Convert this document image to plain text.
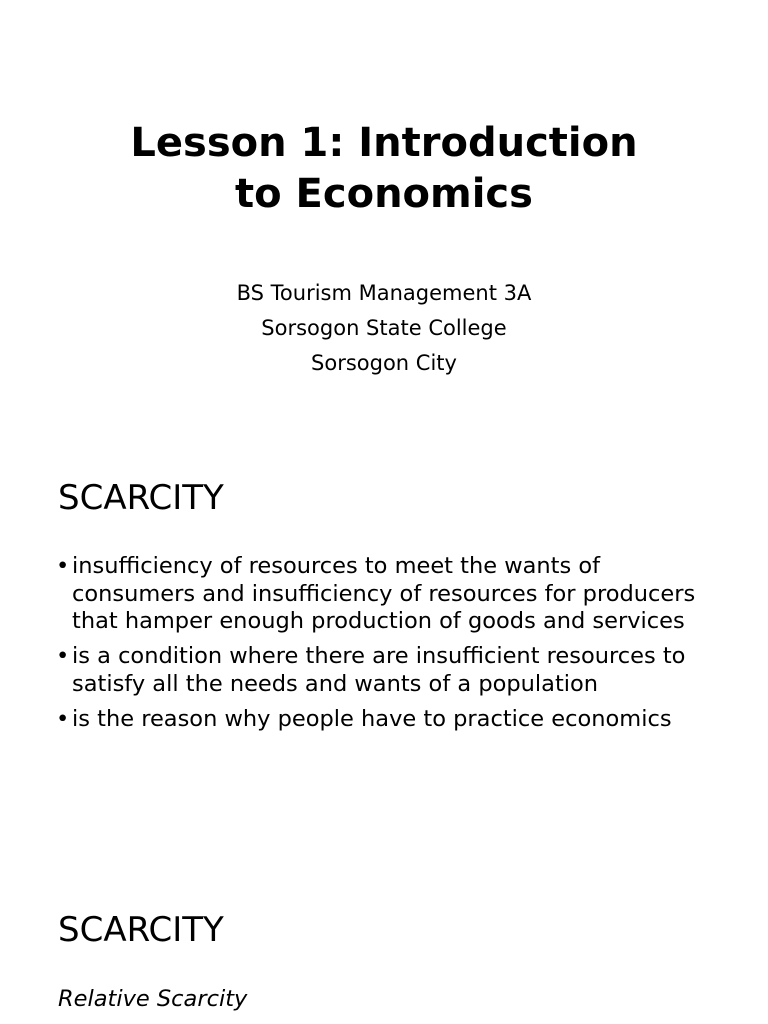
Lesson 1: Introduction
to Economics
BS Tourism Management 3A
Sorsogon State College
Sorsogon City
SCARCITY
• insufficiency of resources to meet the wants of consumers and insufficiency of resources for producers that hamper enough production of goods and services
• is a condition where there are insufficient resources to satisfy all the needs and wants of a population
• is the reason why people have to practice economics
SCARCITY
Relative Scarcity
